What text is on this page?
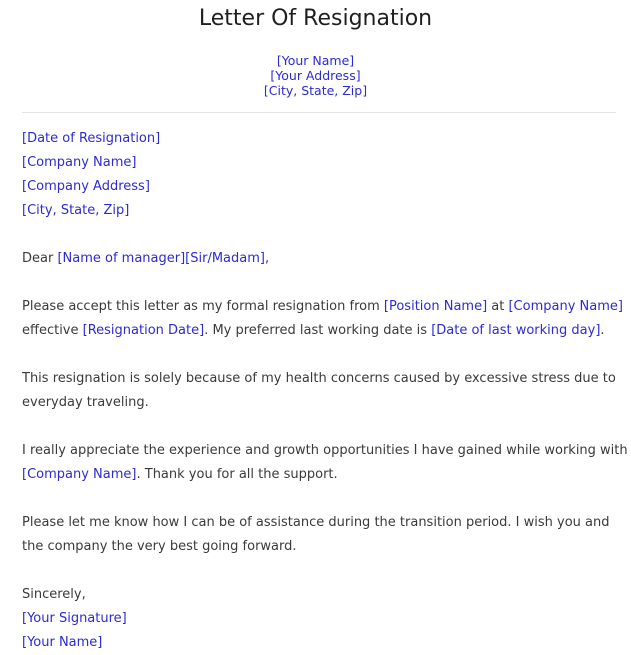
Letter Of Resignation
[Your Name]
[Your Address]
[City, State, Zip]
[Date of Resignation]
[Company Name]
[Company Address]
[City, State, Zip]
Dear [Name of manager][Sir/Madam],
Please accept this letter as my formal resignation from [Position Name] at [Company Name]
effective [Resignation Date]. My preferred last working date is [Date of last working day].
This resignation is solely because of my health concerns caused by excessive stress due to
everyday traveling.
I really appreciate the experience and growth opportunities I have gained while working with
[Company Name]. Thank you for all the support.
Please let me know how I can be of assistance during the transition period. I wish you and
the company the very best going forward.
Sincerely,
[Your Signature]
[Your Name]
